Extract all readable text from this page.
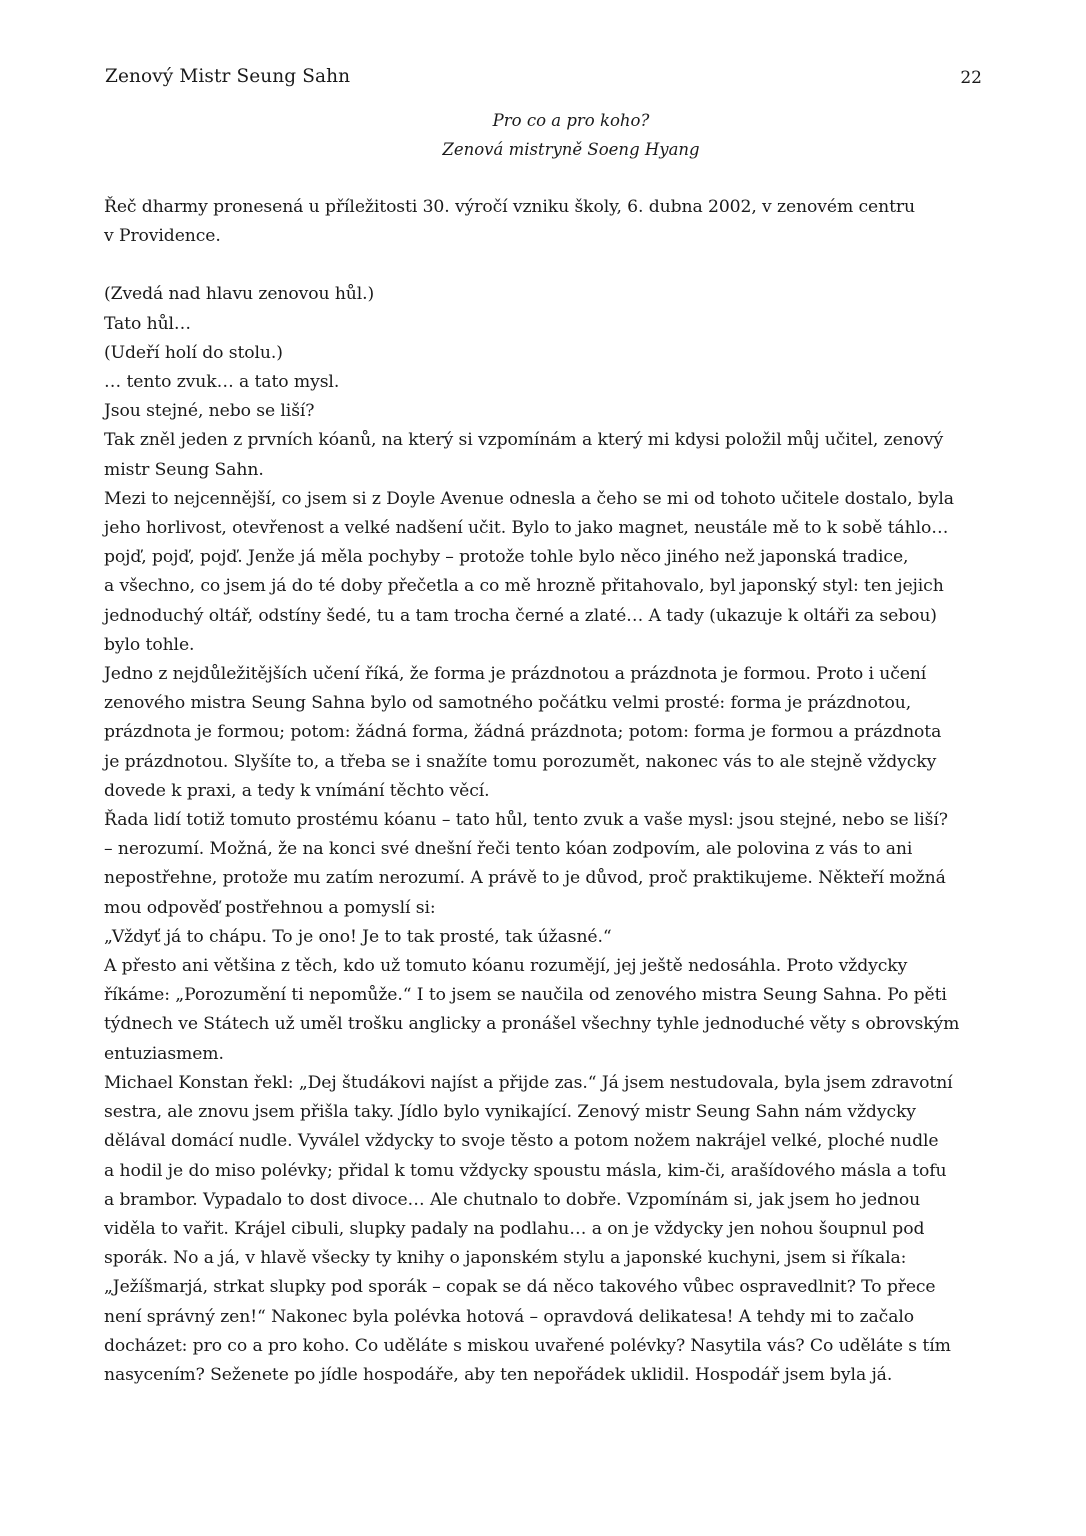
Zenový Mistr Seung Sahn	22
Pro co a pro koho?
Zenová mistryně Soeng Hyang

Řeč dharmy pronesená u příležitosti 30. výročí vzniku školy, 6. dubna 2002, v zenovém centru

v Providence.

(Zvedá nad hlavu zenovou hůl.)

Tato hůl…

(Udeří holí do stolu.)

… tento zvuk… a tato mysl.

Jsou stejné, nebo se liší?

Tak zněl jeden z prvních kóanů, na který si vzpomínám a který mi kdysi položil můj učitel, zenový

mistr Seung Sahn.

Mezi to nejcennější, co jsem si z Doyle Avenue odnesla a čeho se mi od tohoto učitele dostalo, byla

jeho horlivost, otevřenost a velké nadšení učit. Bylo to jako magnet, neustále mě to k sobě táhlo…

pojď, pojď, pojď. Jenže já měla pochyby – protože tohle bylo něco jiného než japonská tradice,

a všechno, co jsem já do té doby přečetla a co mě hrozně přitahovalo, byl japonský styl: ten jejich

jednoduchý oltář, odstíny šedé, tu a tam trocha černé a zlaté… A tady (ukazuje k oltáři za sebou)

bylo tohle.

Jedno z nejdůležitějších učení říká, že forma je prázdnotou a prázdnota je formou. Proto i učení

zenového mistra Seung Sahna bylo od samotného počátku velmi prosté: forma je prázdnotou,

prázdnota je formou; potom: žádná forma, žádná prázdnota; potom: forma je formou a prázdnota

je prázdnotou. Slyšíte to, a třeba se i snažíte tomu porozumět, nakonec vás to ale stejně vždycky

dovede k praxi, a tedy k vnímání těchto věcí.

Řada lidí totiž tomuto prostému kóanu – tato hůl, tento zvuk a vaše mysl: jsou stejné, nebo se liší?

– nerozumí. Možná, že na konci své dnešní řeči tento kóan zodpovím, ale polovina z vás to ani

nepostřehne, protože mu zatím nerozumí. A právě to je důvod, proč praktikujeme. Někteří možná

mou odpověď postřehnou a pomyslí si:

„Vždyť já to chápu. To je ono! Je to tak prosté, tak úžasné.“

A přesto ani většina z těch, kdo už tomuto kóanu rozumějí, jej ještě nedosáhla. Proto vždycky

říkáme: „Porozumění ti nepomůže.“ I to jsem se naučila od zenového mistra Seung Sahna. Po pěti

týdnech ve Státech už uměl trošku anglicky a pronášel všechny tyhle jednoduché věty s obrovským

entuziasmem.

Michael Konstan řekl: „Dej študákovi najíst a přijde zas.“ Já jsem nestudovala, byla jsem zdravotní

sestra, ale znovu jsem přišla taky. Jídlo bylo vynikající. Zenový mistr Seung Sahn nám vždycky

dělával domácí nudle. Vyválel vždycky to svoje těsto a potom nožem nakrájel velké, ploché nudle

a hodil je do miso polévky; přidal k tomu vždycky spoustu másla, kim-či, arašídového másla a tofu

a brambor. Vypadalo to dost divoce… Ale chutnalo to dobře. Vzpomínám si, jak jsem ho jednou

viděla to vařit. Krájel cibuli, slupky padaly na podlahu… a on je vždycky jen nohou šoupnul pod

sporák. No a já, v hlavě všecky ty knihy o japonském stylu a japonské kuchyni, jsem si říkala:

„Ježíšmarjá, strkat slupky pod sporák – copak se dá něco takového vůbec ospravedlnit? To přece

není správný zen!“ Nakonec byla polévka hotová – opravdová delikatesa! A tehdy mi to začalo

docházet: pro co a pro koho. Co uděláte s miskou uvařené polévky? Nasytila vás? Co uděláte s tím

nasycením? Seženete po jídle hospodáře, aby ten nepořádek uklidil. Hospodář jsem byla já.
